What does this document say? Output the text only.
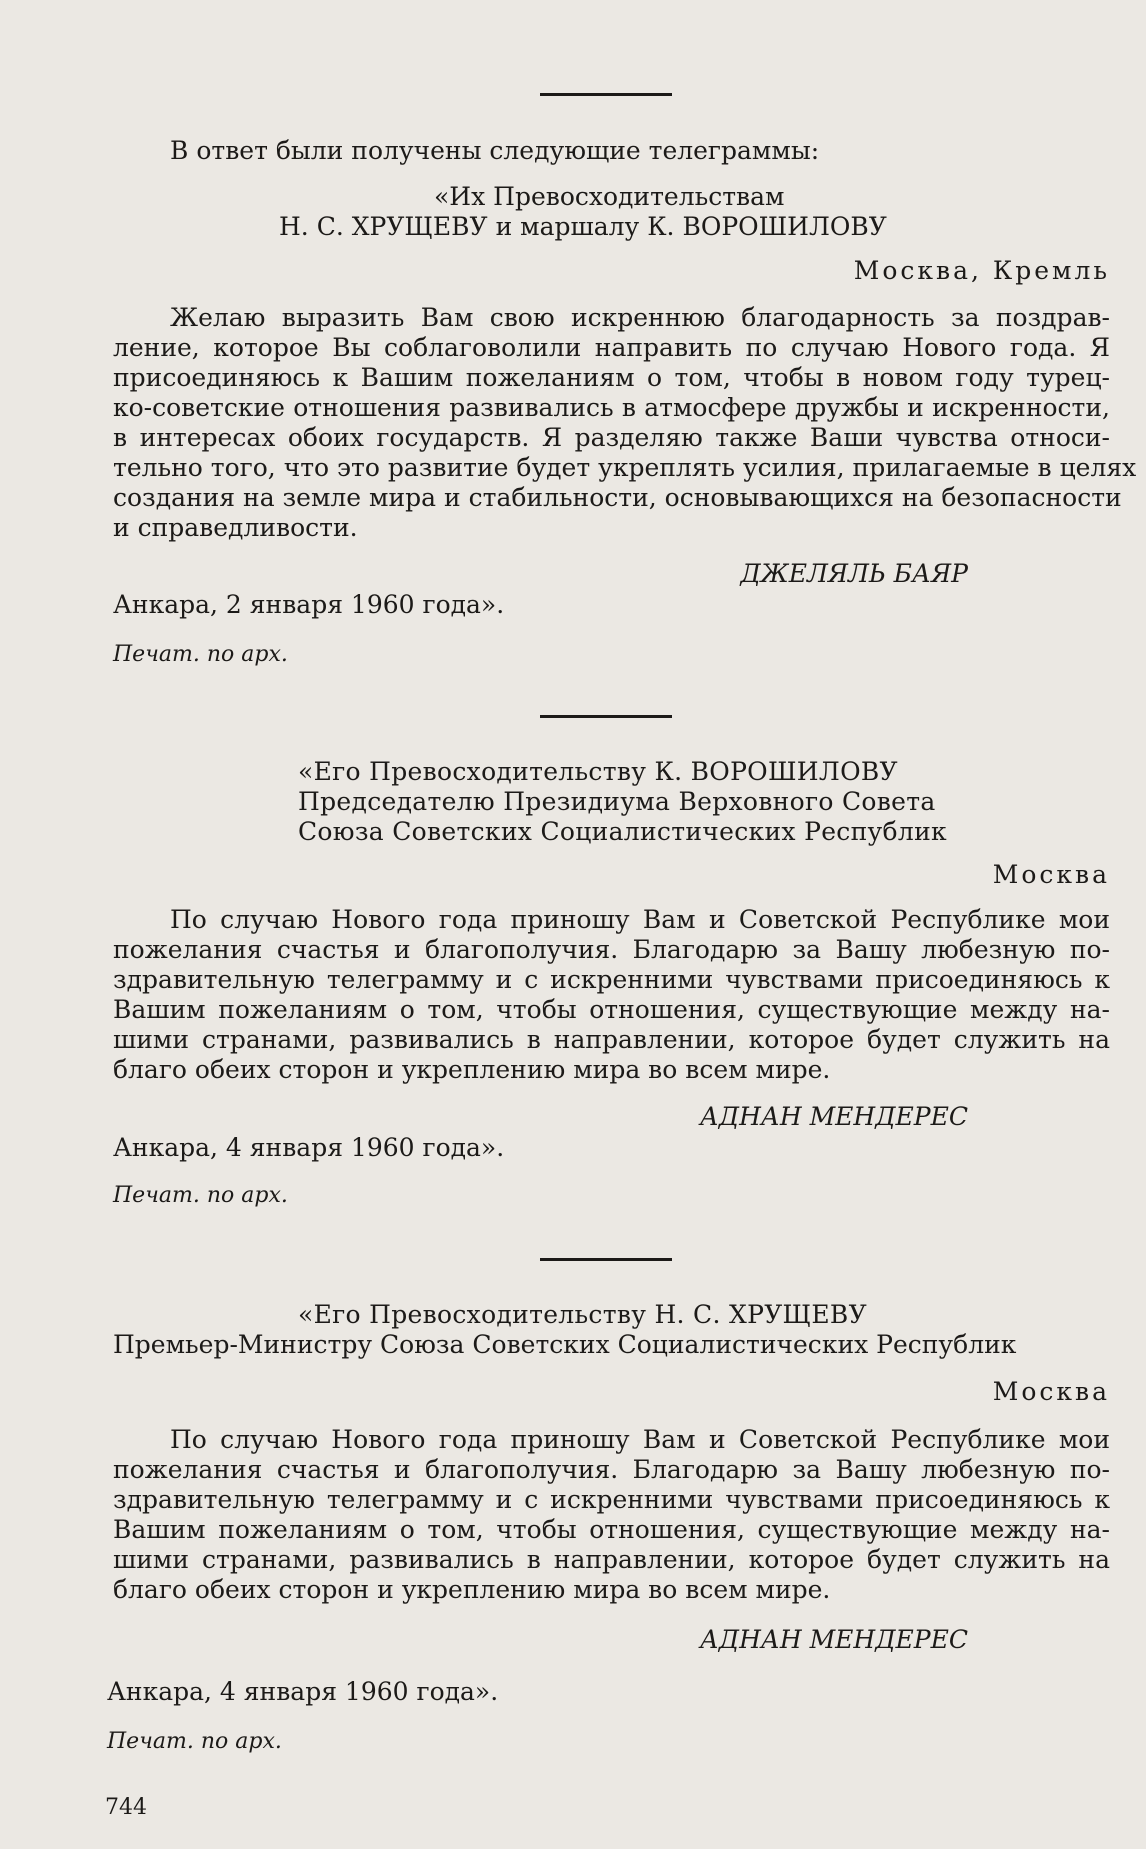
В ответ были получены следующие телеграммы:
«Их Превосходительствам
Н. С. ХРУЩЕВУ и маршалу К. ВОРОШИЛОВУ
Москва, Кремль
Желаю выразить Вам свою искреннюю благодарность за поздрав-
ление, которое Вы соблаговолили направить по случаю Нового года. Я
присоединяюсь к Вашим пожеланиям о том, чтобы в новом году турец-
ко-советские отношения развивались в атмосфере дружбы и искренности,
в интересах обоих государств. Я разделяю также Ваши чувства относи-
тельно того, что это развитие будет укреплять усилия, прилагаемые в целях
создания на земле мира и стабильности, основывающихся на безопасности
и справедливости.
ДЖЕЛЯЛЬ БАЯР
Анкара, 2 января 1960 года».
Печат. по арх.
«Его Превосходительству К. ВОРОШИЛОВУ
Председателю Президиума Верховного Совета
Союза Советских Социалистических Республик
Москва
По случаю Нового года приношу Вам и Советской Республике мои
пожелания счастья и благополучия. Благодарю за Вашу любезную по-
здравительную телеграмму и с искренними чувствами присоединяюсь к
Вашим пожеланиям о том, чтобы отношения, существующие между на-
шими странами, развивались в направлении, которое будет служить на
благо обеих сторон и укреплению мира во всем мире.
АДНАН МЕНДЕРЕС
Анкара, 4 января 1960 года».
Печат. по арх.
«Его Превосходительству Н. С. ХРУЩЕВУ
Премьер-Министру Союза Советских Социалистических Республик
Москва
По случаю Нового года приношу Вам и Советской Республике мои
пожелания счастья и благополучия. Благодарю за Вашу любезную по-
здравительную телеграмму и с искренними чувствами присоединяюсь к
Вашим пожеланиям о том, чтобы отношения, существующие между на-
шими странами, развивались в направлении, которое будет служить на
благо обеих сторон и укреплению мира во всем мире.
АДНАН МЕНДЕРЕС
Анкара, 4 января 1960 года».
Печат. по арх.
744
